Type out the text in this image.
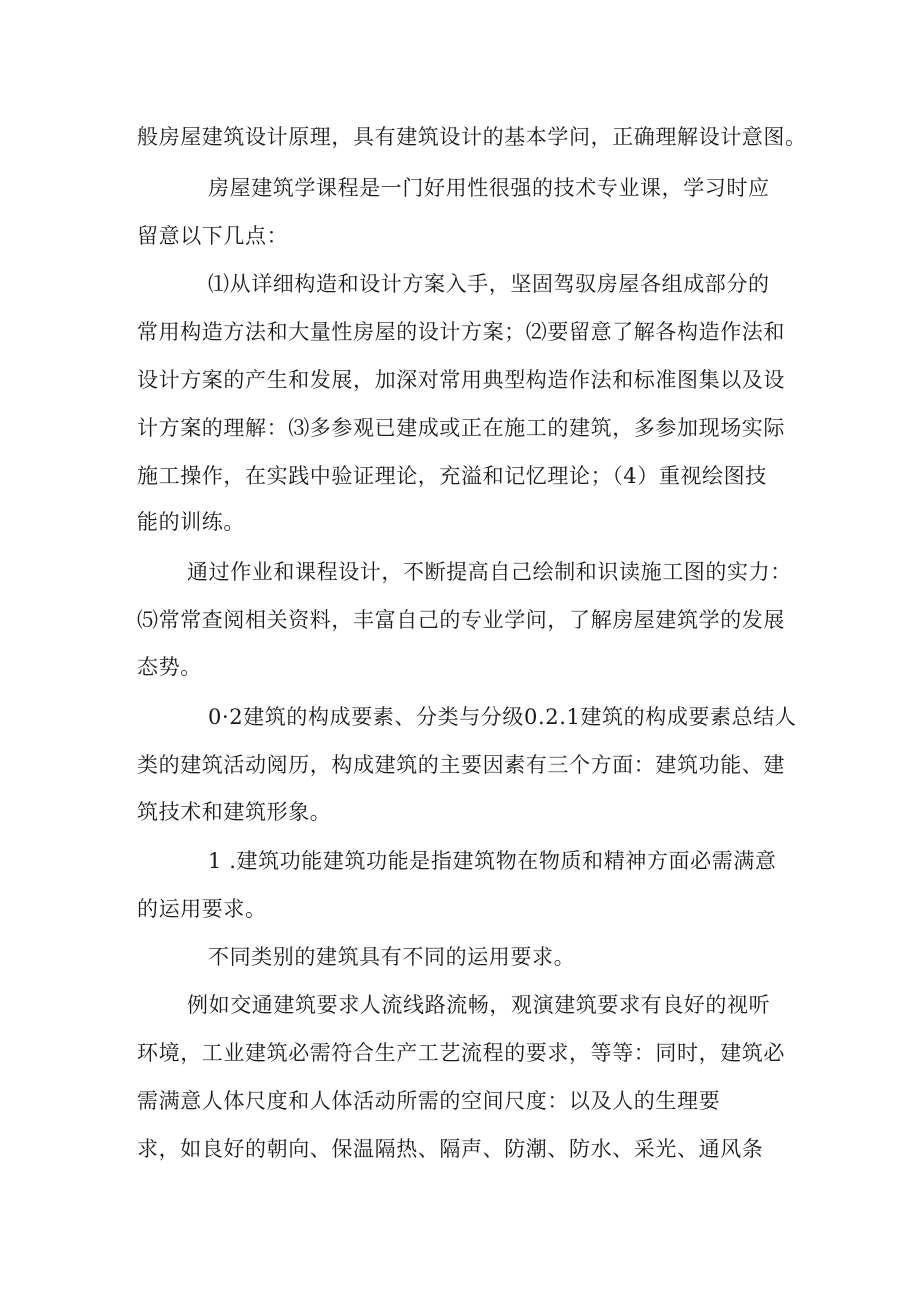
般房屋建筑设计原理，具有建筑设计的基本学问，正确理解设计意图。
房屋建筑学课程是一门好用性很强的技术专业课，学习时应
留意以下几点：
⑴从详细构造和设计方案入手，坚固驾驭房屋各组成部分的
常用构造方法和大量性房屋的设计方案；⑵要留意了解各构造作法和
设计方案的产生和发展，加深对常用典型构造作法和标准图集以及设
计方案的理解：⑶多参观已建成或正在施工的建筑，多参加现场实际
施工操作，在实践中验证理论，充溢和记忆理论；（4）重视绘图技
能的训练。
通过作业和课程设计，不断提高自己绘制和识读施工图的实力：
⑸常常查阅相关资料，丰富自己的专业学问，了解房屋建筑学的发展
态势。
0·2建筑的构成要素、分类与分级0.2.1建筑的构成要素总结人
类的建筑活动阅历，构成建筑的主要因素有三个方面：建筑功能、建
筑技术和建筑形象。
1 .建筑功能建筑功能是指建筑物在物质和精神方面必需满意
的运用要求。
不同类别的建筑具有不同的运用要求。
例如交通建筑要求人流线路流畅，观演建筑要求有良好的视听
环境，工业建筑必需符合生产工艺流程的要求，等等：同时，建筑必
需满意人体尺度和人体活动所需的空间尺度：以及人的生理要
求，如良好的朝向、保温隔热、隔声、防潮、防水、采光、通风条
